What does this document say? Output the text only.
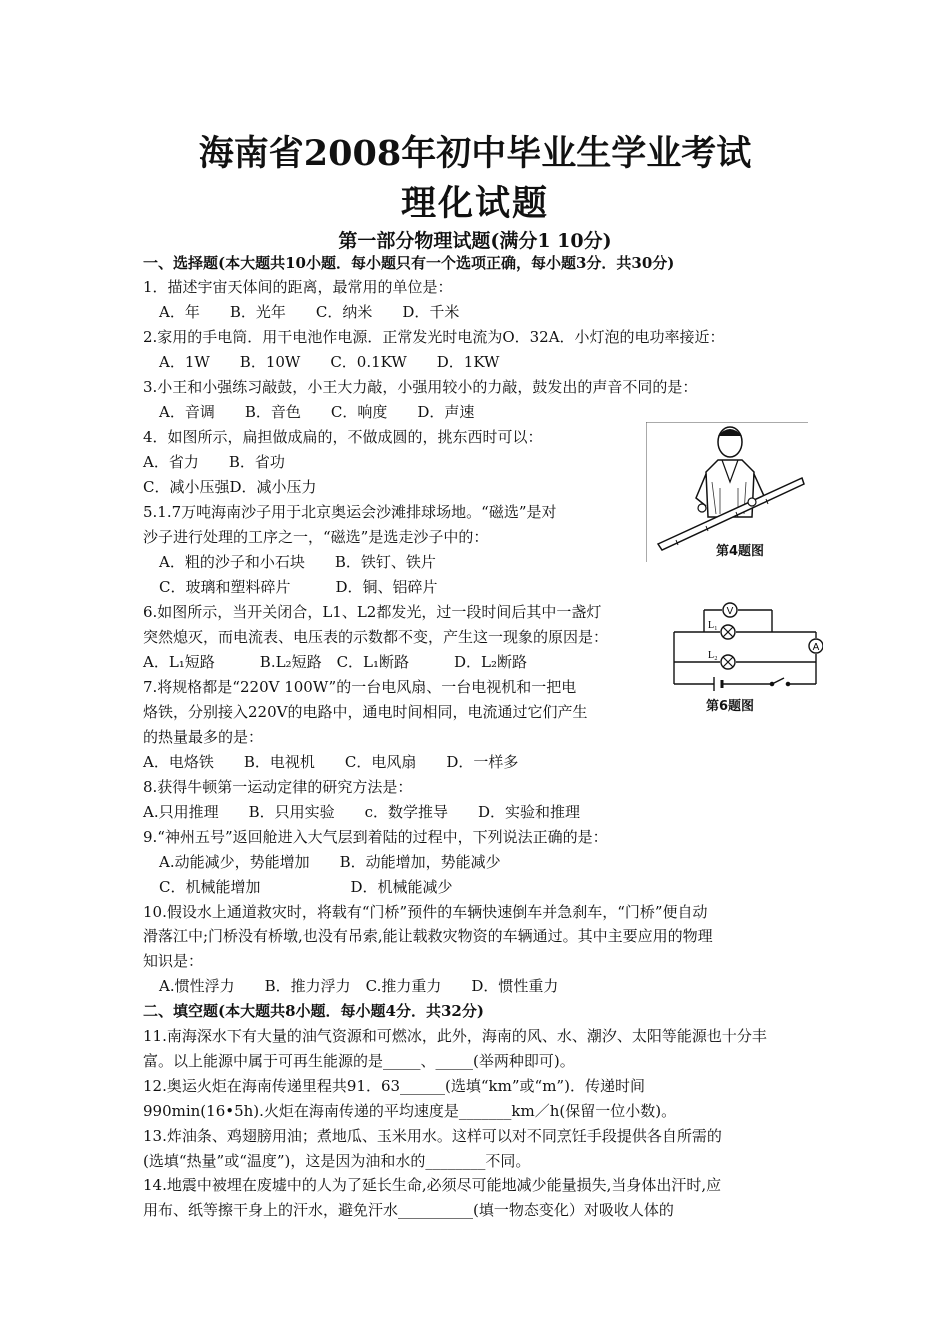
海南省2008年初中毕业生学业考试
理化试题
第一部分物理试题(满分1 10分)
一、选择题(本大题共10小题．每小题只有一个选项正确，每小题3分．共30分)
1．描述宇宙天体间的距离，最常用的单位是：
A．年　　B．光年　　C．纳米　　D．千米
2.家用的手电筒．用干电池作电源．正常发光时电流为O．32A．小灯泡的电功率接近：
A．1W　　B．10W　　C．0.1KW　　D．1KW
3.小王和小强练习敲鼓，小王大力敲，小强用较小的力敲，鼓发出的声音不同的是：
A．音调　　B．音色　　C．响度　　D．声速
4．如图所示，扁担做成扁的，不做成圆的，挑东西时可以：
A．省力　　B．省功
C．减小压强D．减小压力
5.1.7万吨海南沙子用于北京奥运会沙滩排球场地。“磁选”是对
沙子进行处理的工序之一，“磁选”是选走沙子中的：
A．粗的沙子和小石块　　B．铁钉、铁片
C．玻璃和塑料碎片　　　D．铜、铝碎片
6.如图所示，当开关闭合，L1、L2都发光，过一段时间后其中一盏灯
突然熄灭，而电流表、电压表的示数都不变，产生这一现象的原因是：
A．L₁短路　　　B.L₂短路　C．L₁断路　　　D．L₂断路
7.将规格都是“220V 100W”的一台电风扇、一台电视机和一把电
烙铁，分别接入220V的电路中，通电时间相同，电流通过它们产生
的热量最多的是：
A．电烙铁　　B．电视机　　C．电风扇　　D．一样多
8.获得牛顿第一运动定律的研究方法是：
A.只用推理　　B．只用实验　　c．数学推导　　D．实验和推理
9.“神州五号”返回舱进入大气层到着陆的过程中，下列说法正确的是：
A.动能减少，势能增加　　B．动能增加，势能减少
C．机械能增加　　　　　　D．机械能减少
10.假设水上通道救灾时，将载有“门桥”预件的车辆快速倒车并急刹车，“门桥”便自动
滑落江中;门桥没有桥墩,也没有吊索,能让载救灾物资的车辆通过。其中主要应用的物理
知识是：
A.惯性浮力　　B．推力浮力　C.推力重力　　D．惯性重力
二、填空题(本大题共8小题．每小题4分．共32分)
11.南海深水下有大量的油气资源和可燃冰，此外，海南的风、水、潮汐、太阳等能源也十分丰
富。以上能源中属于可再生能源的是_____、_____(举两种即可)。
12.奥运火炬在海南传递里程共91．63______(选填“km”或“m”)．传递时间
990min(16•5h).火炬在海南传递的平均速度是_______km／h(保留一位小数)。
13.炸油条、鸡翅膀用油；煮地瓜、玉米用水。这样可以对不同烹饪手段提供各自所需的
(选填“热量”或“温度”)，这是因为油和水的________不同。
14.地震中被埋在废墟中的人为了延长生命,必须尽可能地减少能量损失,当身体出汗时,应
用布、纸等擦干身上的汗水，避免汗水__________(填一物态变化）对吸收人体的
第4题图
V
A
L₁
L₂
第6题图
